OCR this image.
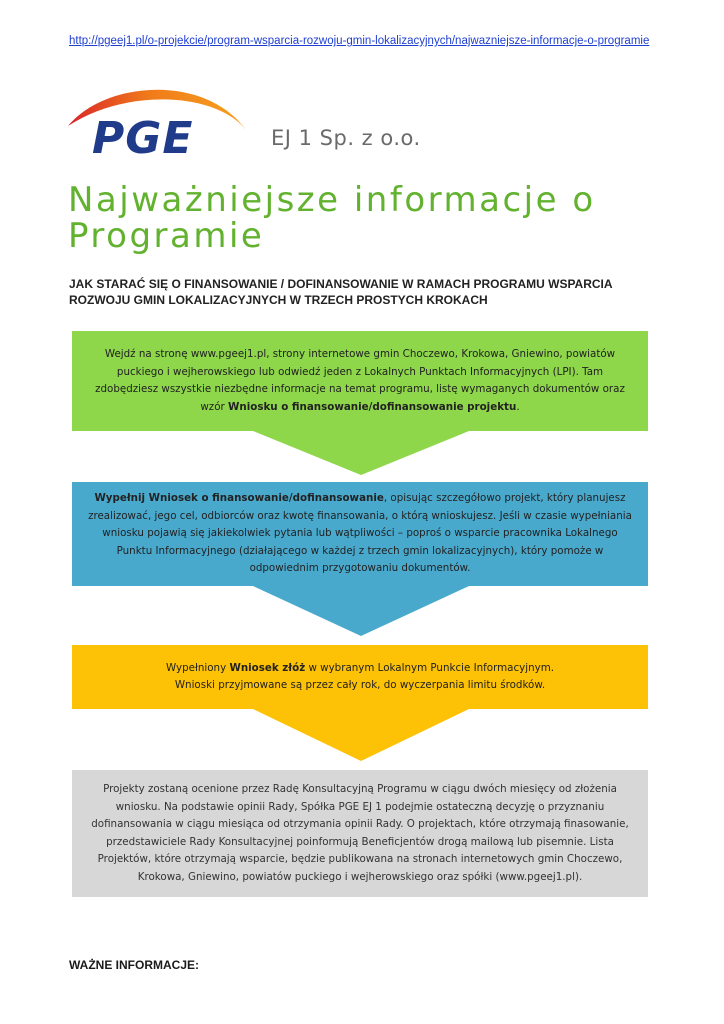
http://pgeej1.pl/o-projekcie/program-wsparcia-rozwoju-gmin-lokalizacyjnych/najwazniejsze-informacje-o-programie
PGE	EJ 1 Sp. z o.o.
Najważniejsze informacje o Programie

JAK STARAĆ SIĘ O FINANSOWANIE / DOFINANSOWANIE W RAMACH PROGRAMU WSPARCIA ROZWOJU GMIN LOKALIZACYJNYCH W TRZECH PROSTYCH KROKACH

Wejdź na stronę www.pgeej1.pl, strony internetowe gmin Choczewo, Krokowa, Gniewino, powiatów puckiego i wejherowskiego lub odwiedź jeden z Lokalnych Punktach Informacyjnych (LPI). Tam zdobędziesz wszystkie niezbędne informacje na temat programu, listę wymaganych dokumentów oraz wzór Wniosku o finansowanie/dofinansowanie projektu.

Wypełnij Wniosek o finansowanie/dofinansowanie, opisując szczegółowo projekt, który planujesz zrealizować, jego cel, odbiorców oraz kwotę finansowania, o którą wnioskujesz. Jeśli w czasie wypełniania wniosku pojawią się jakiekolwiek pytania lub wątpliwości – poproś o wsparcie pracownika Lokalnego Punktu Informacyjnego (działającego w każdej z trzech gmin lokalizacyjnych), który pomoże w odpowiednim przygotowaniu dokumentów.

Wypełniony Wniosek złóż w wybranym Lokalnym Punkcie Informacyjnym.
Wnioski przyjmowane są przez cały rok, do wyczerpania limitu środków.

Projekty zostaną ocenione przez Radę Konsultacyjną Programu w ciągu dwóch miesięcy od złożenia wniosku. Na podstawie opinii Rady, Spółka PGE EJ 1 podejmie ostateczną decyzję o przyznaniu dofinansowania w ciągu miesiąca od otrzymania opinii Rady. O projektach, które otrzymają finasowanie, przedstawiciele Rady Konsultacyjnej poinformują Beneficjentów drogą mailową lub pisemnie. Lista Projektów, które otrzymają wsparcie, będzie publikowana na stronach internetowych gmin Choczewo, Krokowa, Gniewino, powiatów puckiego i wejherowskiego oraz spółki (www.pgeej1.pl).

WAŻNE INFORMACJE:
